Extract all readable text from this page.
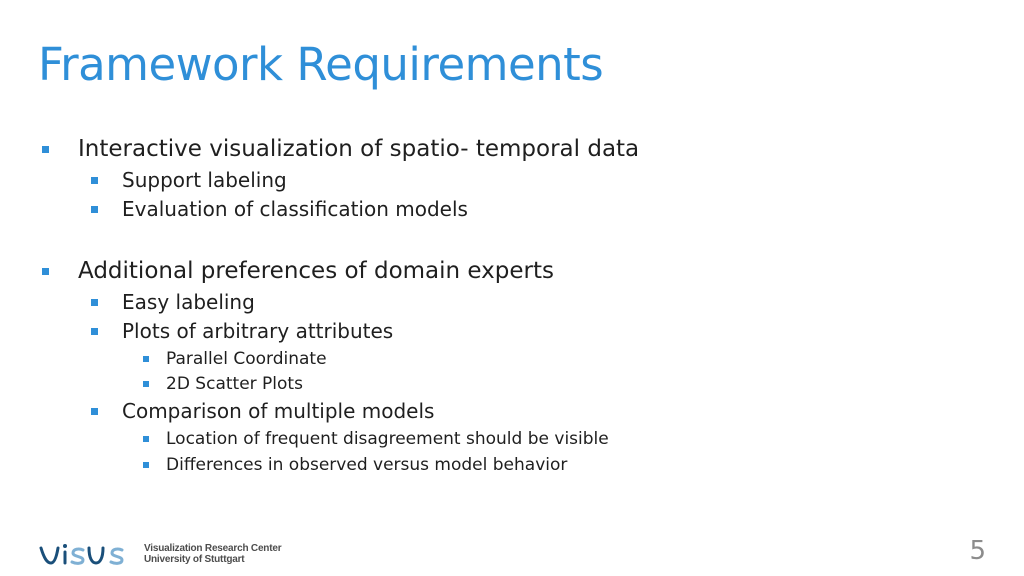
Framework Requirements
Interactive visualization of spatio- temporal data
Support labeling
Evaluation of classification models
Additional preferences of domain experts
Easy labeling
Plots of arbitrary attributes
Parallel Coordinate
2D Scatter Plots
Comparison of multiple models
Location of frequent disagreement should be visible
Differences in observed versus model behavior
Visualization Research Center
University of Stuttgart	5
